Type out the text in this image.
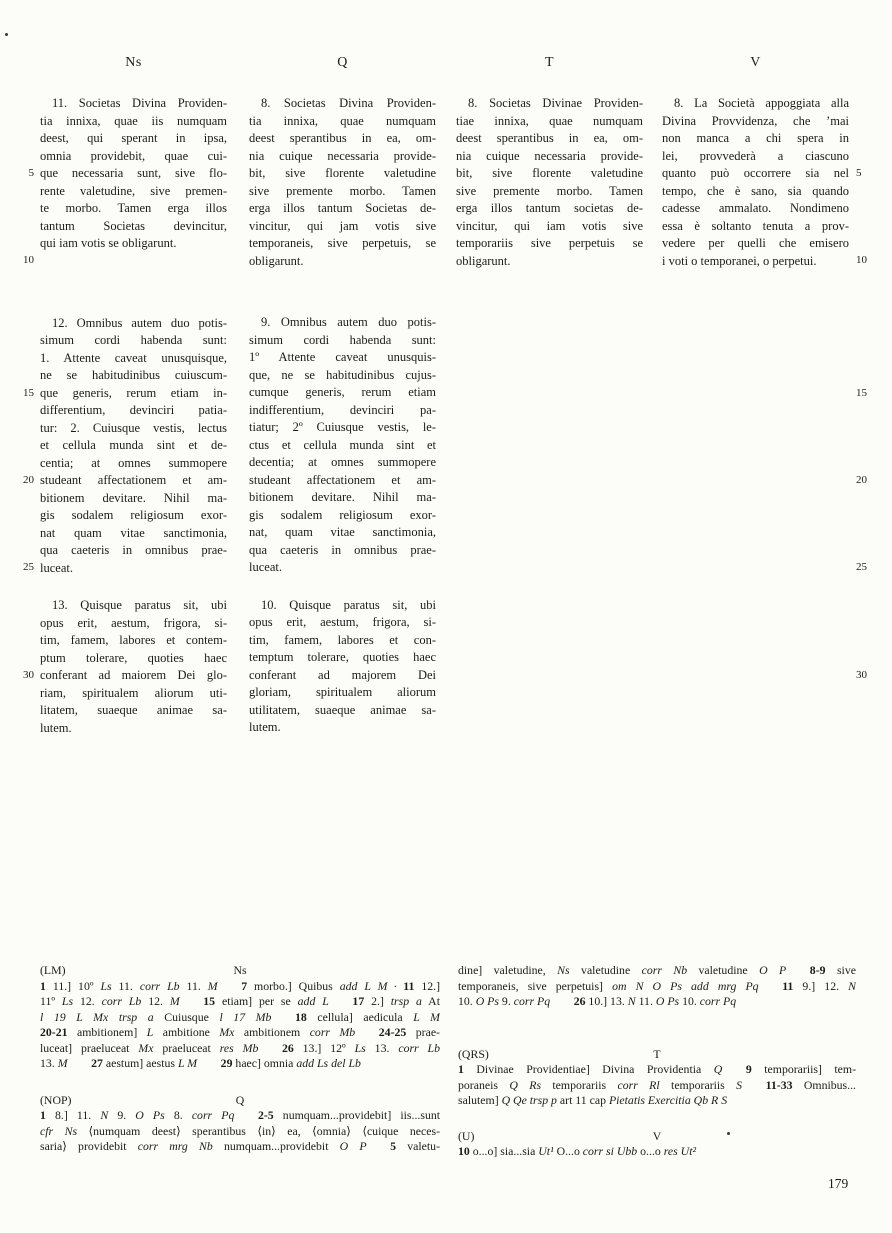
Ns	Q	T	V
5
10
15
20
25
30
5
10
15
20
25
30
11. Societas Divina Providen-
tia innixa, quae iis numquam
deest, qui sperant in ipsa,
omnia providebit, quae cui-
que necessaria sunt, sive flo-
rente valetudine, sive premen-
te morbo. Tamen erga illos
tantum Societas devincitur,
qui iam votis se obligarunt.
12. Omnibus autem duo potis-
simum cordi habenda sunt:
1. Attente caveat unusquisque,
ne se habitudinibus cuiuscum-
que generis, rerum etiam in-
differentium, devinciri patia-
tur: 2. Cuiusque vestis, lectus
et cellula munda sint et de-
centia; at omnes summopere
studeant affectationem et am-
bitionem devitare. Nihil ma-
gis sodalem religiosum exor-
nat quam vitae sanctimonia,
qua caeteris in omnibus prae-
luceat.
13. Quisque paratus sit, ubi
opus erit, aestum, frigora, si-
tim, famem, labores et contem-
ptum tolerare, quoties haec
conferant ad maiorem Dei glo-
riam, spiritualem aliorum uti-
litatem, suaeque animae sa-
lutem.
8. Societas Divina Providen-
tia innixa, quae numquam
deest sperantibus in ea, om-
nia cuique necessaria provide-
bit, sive florente valetudine
sive premente morbo. Tamen
erga illos tantum Societas de-
vincitur, qui jam votis sive
temporaneis, sive perpetuis, se
obligarunt.
9. Omnibus autem duo potis-
simum cordi habenda sunt:
1º Attente caveat unusquis-
que, ne se habitudinibus cujus-
cumque generis, rerum etiam
indifferentium, devinciri pa-
tiatur; 2º Cuiusque vestis, le-
ctus et cellula munda sint et
decentia; at omnes summopere
studeant affectationem et am-
bitionem devitare. Nihil ma-
gis sodalem religiosum exor-
nat, quam vitae sanctimonia,
qua caeteris in omnibus prae-
luceat.
10. Quisque paratus sit, ubi
opus erit, aestum, frigora, si-
tim, famem, labores et con-
temptum tolerare, quoties haec
conferant ad majorem Dei
gloriam, spiritualem aliorum
utilitatem, suaeque animae sa-
lutem.
8. Societas Divinae Providen-
tiae innixa, quae numquam
deest sperantibus in ea, om-
nia cuique necessaria provide-
bit, sive florente valetudine
sive premente morbo. Tamen
erga illos tantum societas de-
vincitur, qui iam votis sive
temporariis sive perpetuis se
obligarunt.
8. La Società appoggiata alla
Divina Provvidenza, che ’mai
non manca a chi spera in
lei, provvederà a ciascuno
quanto può occorrere sia nel
tempo, che è sano, sia quando
cadesse ammalato. Nondimeno
essa è soltanto tenuta a prov-
vedere per quelli che emisero
i voti o temporanei, o perpetui.
(LM)	Ns
1 11.] 10º Ls 11. corr Lb 11. M   7 morbo.] Quibus add L M · 11 12.]
11º Ls 12. corr Lb 12. M   15 etiam] per se add L   17 2.] trsp a At
l 19 L Mx trsp a Cuiusque l 17 Mb   18 cellula] aedicula L M
20-21 ambitionem] L ambitione Mx ambitionem corr Mb   24-25 prae-
luceat] praeluceat Mx praeluceat res Mb   26 13.] 12º Ls 13. corr Lb
13. M   27 aestum] aestus L M   29 haec] omnia add Ls del Lb
(NOP)	Q
1 8.] 11. N 9. O Ps 8. corr Pq   2-5 numquam...providebit] iis...sunt
cfr Ns ⟨numquam deest⟩ sperantibus ⟨in⟩ ea, ⟨omnia⟩ ⟨cuique neces-
saria⟩ providebit corr mrg Nb numquam...providebit O P   5 valetu-
dine] valetudine, Ns valetudine corr Nb valetudine O P   8-9 sive
temporaneis, sive perpetuis] om N O Ps add mrg Pq   11 9.] 12. N
10. O Ps 9. corr Pq   26 10.] 13. N 11. O Ps 10. corr Pq
(QRS)	T
1 Divinae Providentiae] Divina Providentia Q   9 temporariis] tem-
poraneis Q Rs temporariis corr Rl temporariis S   11-33 Omnibus...
salutem] Q Qe trsp p art 11 cap Pietatis Exercitia Qb R S
(U)	V
10 o...o] sia...sia Ut¹ O...o corr si Ubb o...o res Ut²
179
